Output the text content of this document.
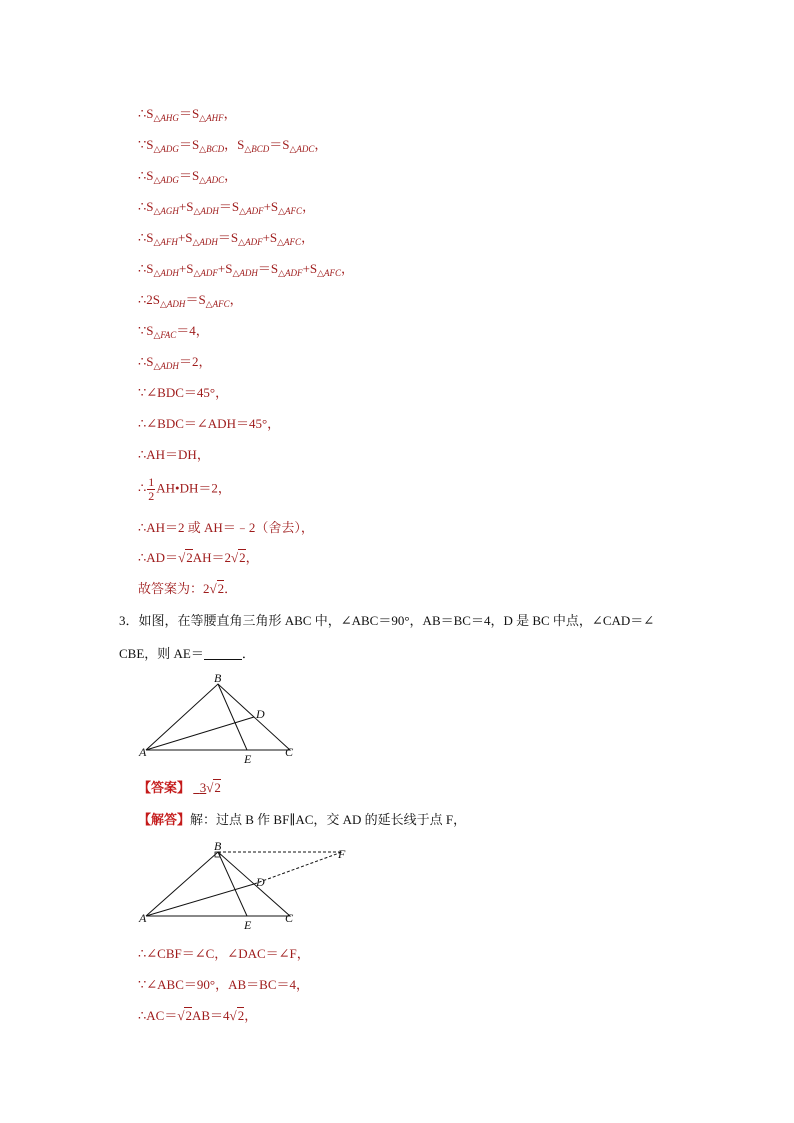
$\therefore S_{\triangle AHG}=S_{\triangle AHF}$，
$\because S_{\triangle ADG}=S_{\triangle BCD}$，$S_{\triangle BCD}=S_{\triangle ADC}$，
$\therefore S_{\triangle ADG}=S_{\triangle ADC}$，
$\therefore S_{\triangle AGH}+S_{\triangle ADH}=S_{\triangle ADF}+S_{\triangle AFC}$，
$\therefore S_{\triangle AFH}+S_{\triangle ADH}=S_{\triangle ADF}+S_{\triangle AFC}$，
$\therefore S_{\triangle ADH}+S_{\triangle ADF}+S_{\triangle ADH}=S_{\triangle ADF}+S_{\triangle AFC}$，
$\therefore 2S_{\triangle ADH}=S_{\triangle AFC}$，
$\because S_{\triangle FAC}=4$，
$\therefore S_{\triangle ADH}=2$，
∵∠BDC＝45°，
∴∠BDC＝∠ADH＝45°，
∴AH＝DH，
∴ $\frac{1}{2}$ AH•DH＝2，
∴AH＝2 或 AH＝﹣2（舍去），
∴AD＝√2AH＝2√2，
故答案为：2√2．
3．如图，在等腰直角三角形 ABC 中，∠ABC＝90°，AB＝BC＝4，D 是 BC 中点，∠CAD＝∠
CBE，则 AE＝	．
B
D
A	E	C
【答案】 3√2
【解答】解：过点 B 作 BF∥AC，交 AD 的延长线于点 F，
B
D
A	E	C
F
∴∠CBF＝∠C，∠DAC＝∠F，
∵∠ABC＝90°，AB＝BC＝4，
∴AC＝√2AB＝4√2，
